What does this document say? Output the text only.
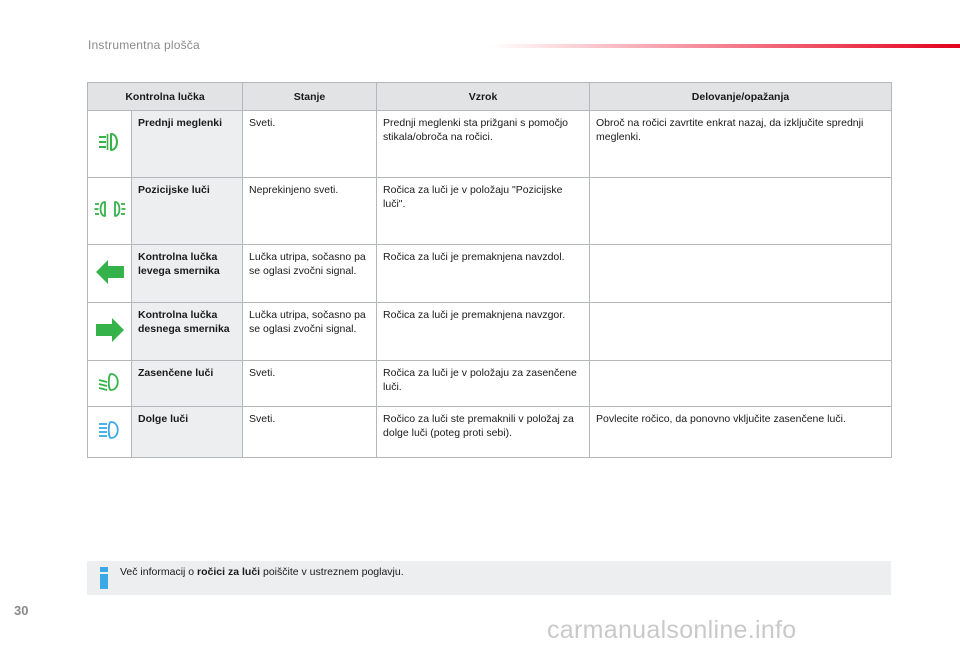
Instrumentna plošča
Kontrolna lučka		Stanje	Vzrok	Delovanje/opažanja
	Prednji meglenki	Sveti.	Prednji meglenki sta prižgani s pomočjo stikala/obroča na ročici.	Obroč na ročici zavrtite enkrat nazaj, da izključite sprednji meglenki.
	Pozicijske luči	Neprekinjeno sveti.	Ročica za luči je v položaju "Pozicijske luči".	
	Kontrolna lučka levega smernika	Lučka utripa, sočasno pa se oglasi zvočni signal.	Ročica za luči je premaknjena navzdol.	
	Kontrolna lučka desnega smernika	Lučka utripa, sočasno pa se oglasi zvočni signal.	Ročica za luči je premaknjena navzgor.	
	Zasenčene luči	Sveti.	Ročica za luči je v položaju za zasenčene luči.	
	Dolge luči	Sveti.	Ročico za luči ste premaknili v položaj za dolge luči (poteg proti sebi).	Povlecite ročico, da ponovno vključite zasenčene luči.
Več informacij o ročici za luči poiščite v ustreznem poglavju.
30
carmanualsonline.info
